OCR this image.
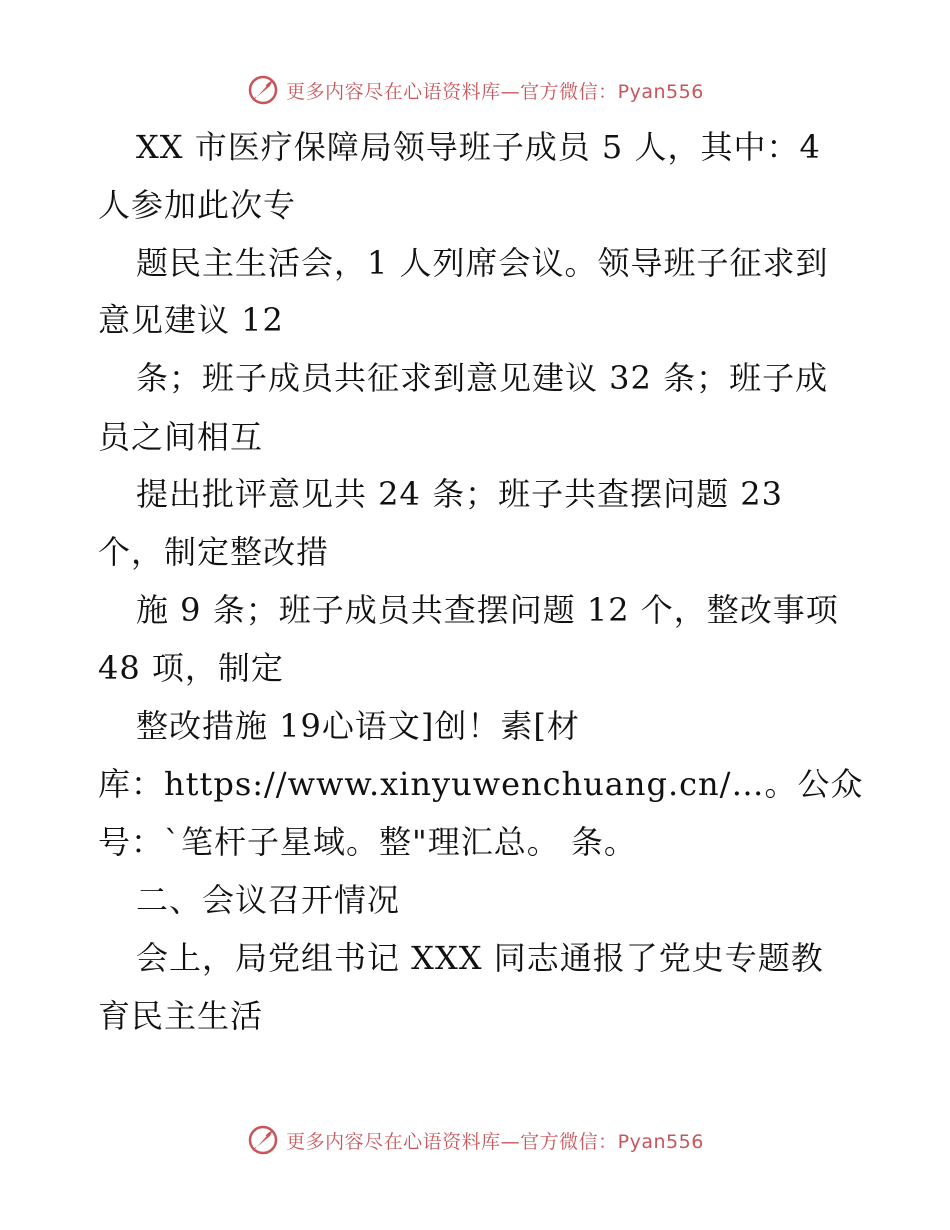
更多内容尽在心语资料库—官方微信：Pyan556
XX 市医疗保障局领导班子成员 5 人，其中：4
人参加此次专
题民主生活会，1 人列席会议。领导班子征求到
意见建议 12
条；班子成员共征求到意见建议 32 条；班子成
员之间相互
提出批评意见共 24 条；班子共查摆问题 23
个，制定整改措
施 9 条；班子成员共查摆问题 12 个，整改事项
48 项，制定
整改措施 19心语文]创！素[材
库：https://www.xinyuwenchuang.cn/…。公众
号：`笔杆子星域。整"理汇总。 条。
二、会议召开情况
会上，局党组书记 XXX 同志通报了党史专题教
育民主生活
更多内容尽在心语资料库—官方微信：Pyan556
